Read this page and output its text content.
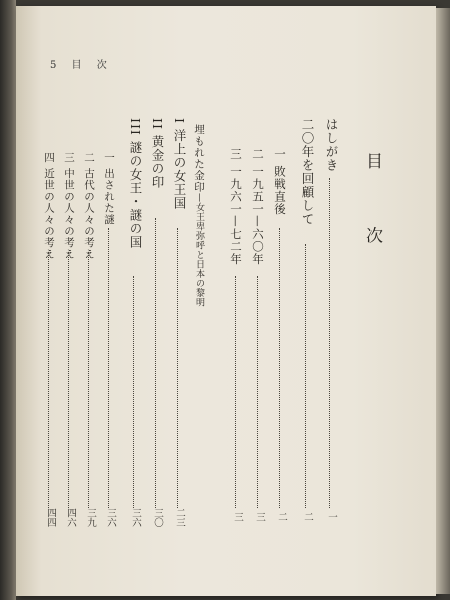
5 目 次
目 次
はしがき
一
二〇年を回顧して
二
一 敗戦直後
二
二 一九五一—六〇年
三
三 一九六一—七二年
三
埋もれた金印—女王卑弥呼と日本の黎明
I 洋上の女王国
二三
II 黄金の印
三〇
III 謎の女王・謎の国
三六
一 出された謎
三六
二 古代の人々の考え
三九
三 中世の人々の考え
四六
四 近世の人々の考え
四四
